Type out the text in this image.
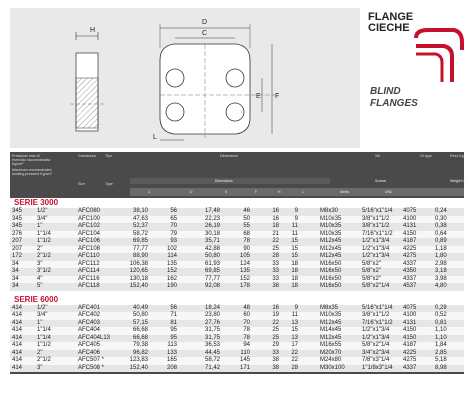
H
D
C
E F
L
FLANGE
CIECHE
BLIND
FLANGES
Pressione max di esercizio raccomandata Kg/cm²
Maximum recommended working pressure Kg/cm²
Grandezza
Size
Tipo
Type
Dimensioni
Dimensions
Viti
Screws
Or type	Peso Kg
Weight Kg
C	D	E	F	H	L	Metric	UNC
SERIE 3000
345 1/2"	AFC080	38,10	56	17,48	46	16	9	M8x30	5/16"x1"1/4 4075	0,24
345 3/4"	AFC100	47,63	65	22,23	50	16	9	M10x35	3/8"x1"1/2 4100	0,30
345 1"	AFC102	52,37	70	26,19	55	18	11	M10x35	3/8"x1"1/2 4131	0,38
276 1"1/4	AFC104	58,72	79	30,18	68	21	11	M10x35	7/16"x1"1/2 4150	0,64
207 1"1/2	AFC106	69,85	93	35,71	78	22	15	M12x45	1/2"x1"3/4 4187	0,89
207 2"	AFC108	77,77	102	42,88	90	25	15	M12x45	1/2"x1"3/4 4225	1,18
172 2"1/2	AFC110	88,90	114	50,80	105	28	15	M12x45	1/2"x1"3/4 4275	1,80
34	3"	AFC112	106,38	135	61,93	124	33	18	M16x50	5/8"x2"	4337	2,98
34	3"1/2	AFC114	120,65	152	69,85	135	33	18	M16x50	5/8"x2"	4350	3,18
34	4"	AFC116	130,18	162	77,77	152	33	18	M16x50	5/8"x2"	4337	3,98
34	5"	AFC118	152,40	190	92,08	178	38	18	M16x50	5/8"x2"1/4 4537	4,80
SERIE 6000
414 1/2"	AFC401	40,49	56	18,24	48	16	9	M8x35	5/16"x1"1/4 4075	0,28
414 3/4"	AFC402	50,80	71	23,80	60	19	11	M10x35	3/8"x1"1/2 4100	0,52
414 1"	AFC403	57,15	81	27,76	70	22	13	M12x45	7/16"x1"1/2 4131	0,81
414 1"1/4	AFC404	66,68	95	31,75	78	25	15	M14x45	1/2"x1"3/4 4150	1,10
414 1"1/4	AFC404L13	66,68	95	31,75	78	25	13	M12x45	1/2"x1"3/4 4150	1,10
414 1"1/2	AFC405	79,38	113	36,53	94	29	17	M16x55	5/8"x2"1/4 4187	1,84
414 2"	AFC406	96,82	133	44,45	110	33	22	M20x70	3/4"x2"3/4 4225	2,85
414 2"1/2	AFC507 *	123,83	165	58,72	145	38	22	M24x80	7/8"x3"1/4 4275	5,18
414 3"	AFC508 *	152,40	208	71,42	171	38	28	M30x100	1"1/8x3"1/4 4337	8,98
